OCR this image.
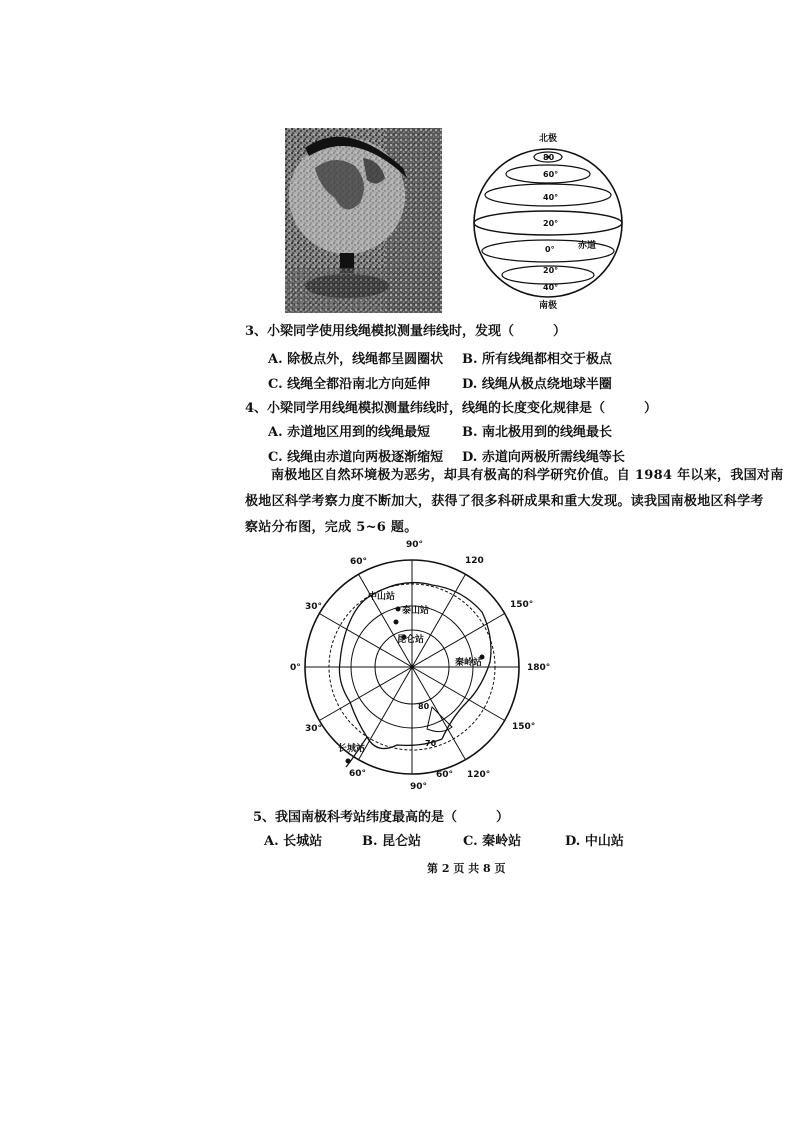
北极
80
60°
40°
20°
0°	赤道
20°
40°
南极
3、小梁同学使用线绳模拟测量纬线时，发现（　　　）
A. 除极点外，线绳都呈圆圈状 B. 所有线绳都相交于极点
C. 线绳全都沿南北方向延伸 D. 线绳从极点绕地球半圈
4、小梁同学用线绳模拟测量纬线时，线绳的长度变化规律是（　　　）
A. 赤道地区用到的线绳最短 B. 南北极用到的线绳最长
C. 线绳由赤道向两极逐渐缩短 D. 赤道向两极所需线绳等长
南极地区自然环境极为恶劣，却具有极高的科学研究价值。自 1984 年以来，我国对南
极地区科学考察力度不断加大，获得了很多科研成果和重大发现。读我国南极地区科学考
察站分布图，完成 5~6 题。
90°
120
150°
180°
150°
120°
90°
60°
60°
30°
0°
30°
60°
80
70
中山站
泰山站
昆仑站
秦岭站
长城站
5、我国南极科考站纬度最高的是（　　　）
A. 长城站	B. 昆仑站	C. 秦岭站	D. 中山站
第 2 页 共 8 页
